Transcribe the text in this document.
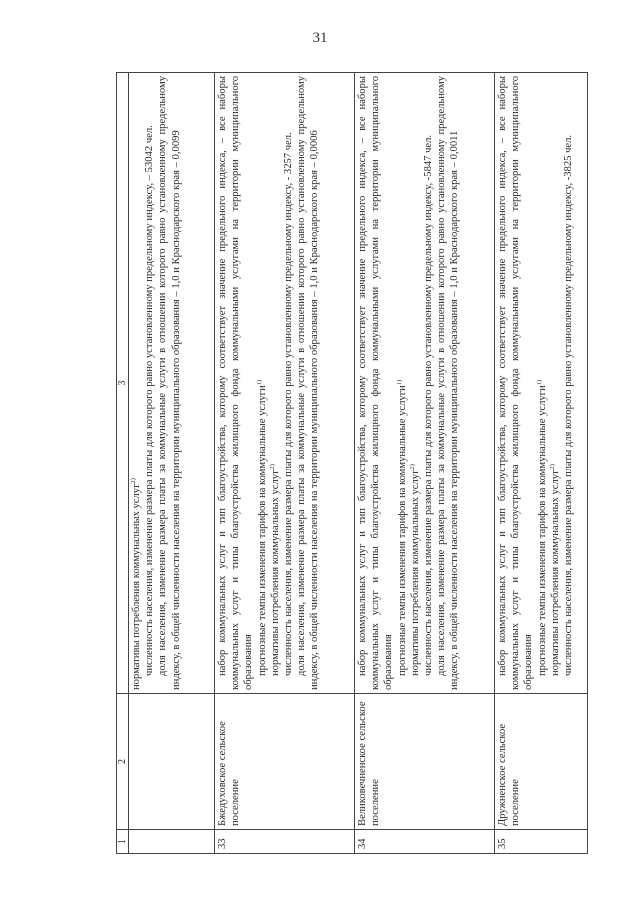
31
1	2	3

		нормативы потребления коммунальных услуг$^{2)}$ численность населения, изменение размера платы для которого равно установленному предельному индексу, – 53042 чел. доля населения, изменение размера платы за коммунальные услуги в отношении которого равно установленному предельному индексу, в общей численности населения на территории муниципального образования – 1,0 и Краснодарского края – 0,0099

33	Бжедуховское сельское поселение	набор коммунальных услуг и тип благоустройства, которому соответствует значение предельного индекса, – все наборы коммунальных услуг и типы благоустройства жилищного фонда коммунальными услугами на территории муниципального образования прогнозные темпы изменения тарифов на коммунальные услуги$^{1)}$

нормативы потребления коммунальных услуг$^{2)}$ численность населения, изменение размера платы для которого равно установленному предельному индексу, - 3257 чел. доля населения, изменение размера платы за коммунальные услуги в отношении которого равно установленному предельному индексу, в общей численности населения на территории муниципального образования – 1,0 и Краснодарского края – 0,0006

34	Великовечненское сельское поселение	набор коммунальных услуг и тип благоустройства, которому соответствует значение предельного индекса, – все наборы коммунальных услуг и типы благоустройства жилищного фонда коммунальными услугами на территории муниципального образования прогнозные темпы изменения тарифов на коммунальные услуги$^{1)}$

нормативы потребления коммунальных услуг$^{2)}$ численность населения, изменение размера платы для которого равно установленному предельному индексу, -5847 чел. доля населения, изменение размера платы за коммунальные услуги в отношении которого равно установленному предельному индексу, в общей численности населения на территории муниципального образования – 1,0 и Краснодарского края – 0,0011

35	Дружненское сельское поселение	набор коммунальных услуг и тип благоустройства, которому соответствует значение предельного индекса, – все наборы коммунальных услуг и типы благоустройства жилищного фонда коммунальными услугами на территории муниципального образования прогнозные темпы изменения тарифов на коммунальные услуги$^{1)}$

нормативы потребления коммунальных услуг$^{2)}$ численность населения, изменение размера платы для которого равно установленному предельному индексу, -3825 чел.
